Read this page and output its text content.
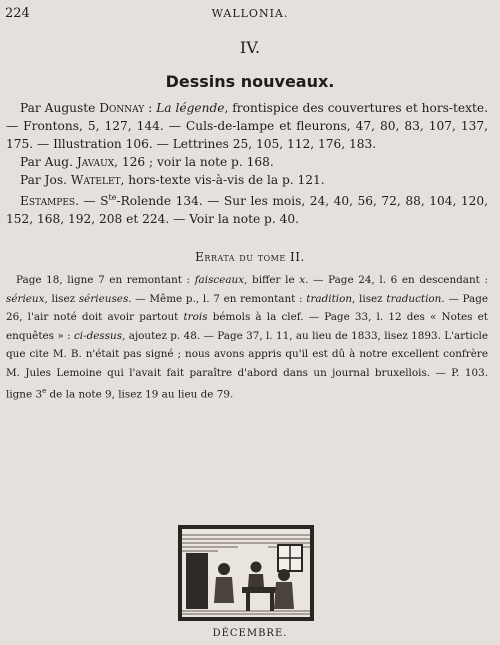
224	WALLONIA.
IV.
Dessins nouveaux.

Par Auguste Donnay : La légende, frontispice des couvertures et hors-texte. — Frontons, 5, 127, 144. — Culs-de-lampe et fleurons, 47, 80, 83, 107, 137, 175. — Illustration 106. — Lettrines 25, 105, 112, 176, 183.

Par Aug. Javaux, 126 ; voir la note p. 168.

Par Jos. Watelet, hors-texte vis-à-vis de la p. 121.

Estampes. — $S^{te}$-Rolende 134. — Sur les mois, 24, 40, 56, 72, 88, 104, 120, 152, 168, 192, 208 et 224. — Voir la note p. 40.

Errata du tome II.

Page 18, ligne 7 en remontant : faisceaux, biffer le x. — Page 24, l. 6 en descendant : sérieux, lisez sérieuses. — Même p., l. 7 en remontant : tradition, lisez traduction. — Page 26, l'air noté doit avoir partout trois bémols à la clef. — Page 33, l. 12 des « Notes et enquêtes » : ci-dessus, ajoutez p. 48. — Page 37, l. 11, au lieu de 1833, lisez 1893. L'article que cite M. B. n'était pas signé ; nous avons appris qu'il est dû à notre excellent confrère M. Jules Lemoine qui l'avait fait paraître d'abord dans un journal bruxellois. — P. 103. ligne 3e de la note 9, lisez 19 au lieu de 79.

DÉCEMBRE.
